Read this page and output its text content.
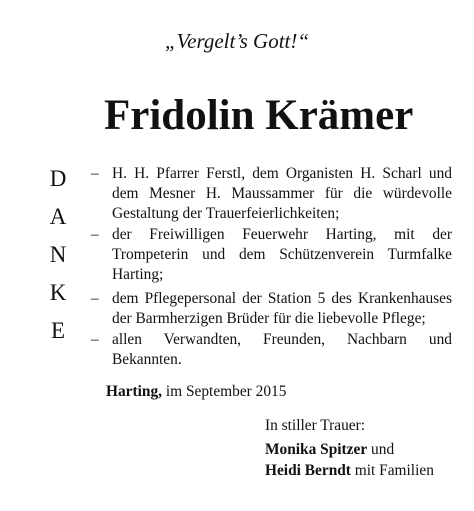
„Vergelt’s Gott!“
Fridolin Krämer
D
A
N
K
E
– H. H. Pfarrer Ferstl, dem Organisten H. Scharl und dem Mesner H. Maussammer für die würdevolle Gestaltung der Trauerfeierlichkeiten;
– der Freiwilligen Feuerwehr Harting, mit der Trompeterin und dem Schützenverein Turmfalke Harting;
– dem Pflegepersonal der Station 5 des Krankenhauses der Barmherzigen Brüder für die liebevolle Pflege;
– allen Verwandten, Freunden, Nachbarn und Bekannten.
Harting, im September 2015
In stiller Trauer:
Monika Spitzer und
Heidi Berndt mit Familien
